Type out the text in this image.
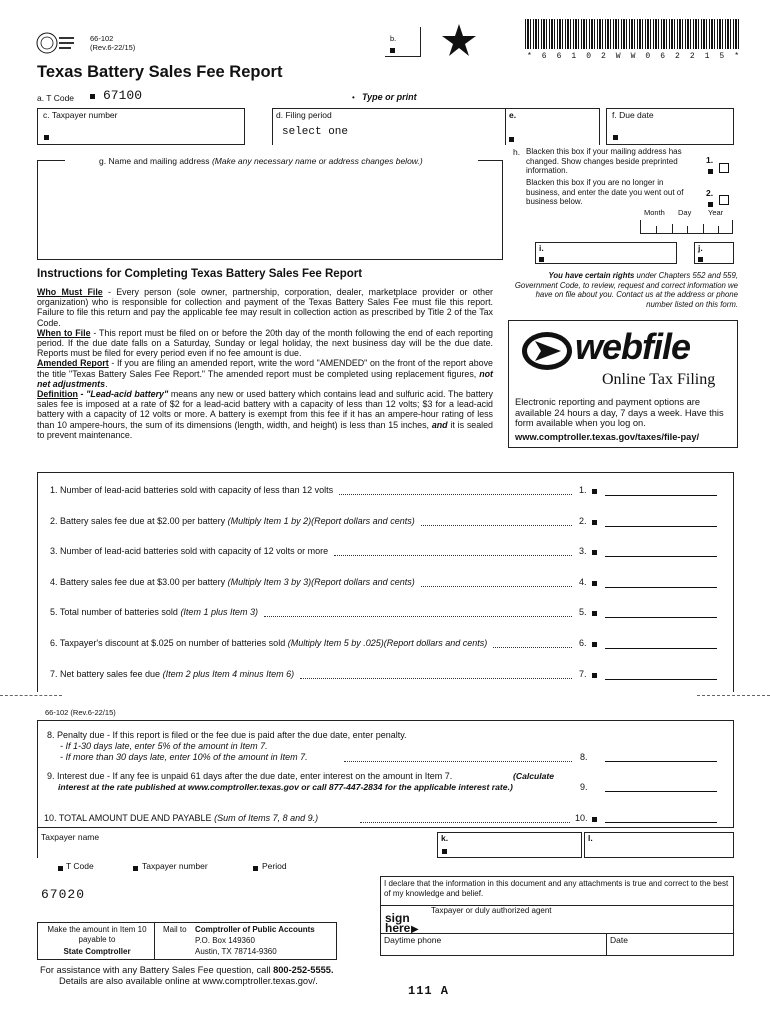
66-102
(Rev.6-22/15)
b.
* 6 6 1 0 2 W W 0 6 2 2 1 5 *
Texas Battery Sales Fee Report
a. T Code 67100	• Type or print
c. Taxpayer number	d. Filing period
select one
e.	f. Due date
g. Name and mailing address (Make any necessary name or address changes below.)
h. Blacken this box if your mailing address has changed. Show changes beside preprinted information.
1.
Blacken this box if you are no longer in business, and enter the date you went out of business below.
2.
Month Day Year
i.	j.
Instructions for Completing Texas Battery Sales Fee Report

Who Must File - Every person (sole owner, partnership, corporation, dealer, marketplace provider or other organization) who is responsible for collection and payment of the Texas Battery Sales Fee must file this report. Failure to file this return and pay the applicable fee may result in collection action as prescribed by Title 2 of the Tax Code.

When to File - This report must be filed on or before the 20th day of the month following the end of each reporting period. If the due date falls on a Saturday, Sunday or legal holiday, the next business day will be the due date. Reports must be filed for every period even if no fee amount is due.

Amended Report - If you are filing an amended report, write the word "AMENDED" on the front of the report above the title "Texas Battery Sales Fee Report." The amended report must be completed using replacement figures, not net adjustments.

Definition - "Lead-acid battery" means any new or used battery which contains lead and sulfuric acid. The battery sales fee is imposed at a rate of $2 for a lead-acid battery with a capacity of less than 12 volts; $3 for a lead-acid battery with a capacity of 12 volts or more. A battery is exempt from this fee if it has an ampere-hour rating of less than 10 ampere-hours, the sum of its dimensions (length, width, and height) is less than 15 inches, and it is sealed to prevent maintenance.

You have certain rights under Chapters 552 and 559, Government Code, to review, request and correct information we have on file about you. Contact us at the address or phone number listed on this form.
webfile
Online Tax Filing
Electronic reporting and payment options are available 24 hours a day, 7 days a week. Have this form available when you log on.
www.comptroller.texas.gov/taxes/file-pay/
1. Number of lead-acid batteries sold with capacity of less than 12 volts	1.
2. Battery sales fee due at $2.00 per battery (Multiply Item 1 by 2)(Report dollars and cents)	2.
3. Number of lead-acid batteries sold with capacity of 12 volts or more	3.
4. Battery sales fee due at $3.00 per battery (Multiply Item 3 by 3)(Report dollars and cents)	4.
5. Total number of batteries sold (Item 1 plus Item 3)	5.
6. Taxpayer's discount at $.025 on number of batteries sold (Multiply Item 5 by .025)(Report dollars and cents)	6.
7. Net battery sales fee due (Item 2 plus Item 4 minus Item 6)	7.
66-102 (Rev.6-22/15)
8. Penalty due - If this report is filed or the fee due is paid after the due date, enter penalty.
- If 1-30 days late, enter 5% of the amount in Item 7.
- If more than 30 days late, enter 10% of the amount in Item 7.	8.
9. Interest due - If any fee is unpaid 61 days after the due date, enter interest on the amount in Item 7.	(Calculate interest at the rate published at www.comptroller.texas.gov or call 877-447-2834 for the applicable interest rate.)	9.
10. TOTAL AMOUNT DUE AND PAYABLE (Sum of Items 7, 8 and 9.)	10.
Taxpayer name	k.	l.
T Code	Taxpayer number	Period
67020
I declare that the information in this document and any attachments is true and correct to the best of my knowledge and belief.
Taxpayer or duly authorized agent
sign here ▶
Daytime phone	Date
Make the amount in Item 10 payable to
State Comptroller
Mail to Comptroller of Public Accounts
P.O. Box 149360
Austin, TX 78714-9360
For assistance with any Battery Sales Fee question, call 800-252-5555.
Details are also available online at www.comptroller.texas.gov/.
111 A
